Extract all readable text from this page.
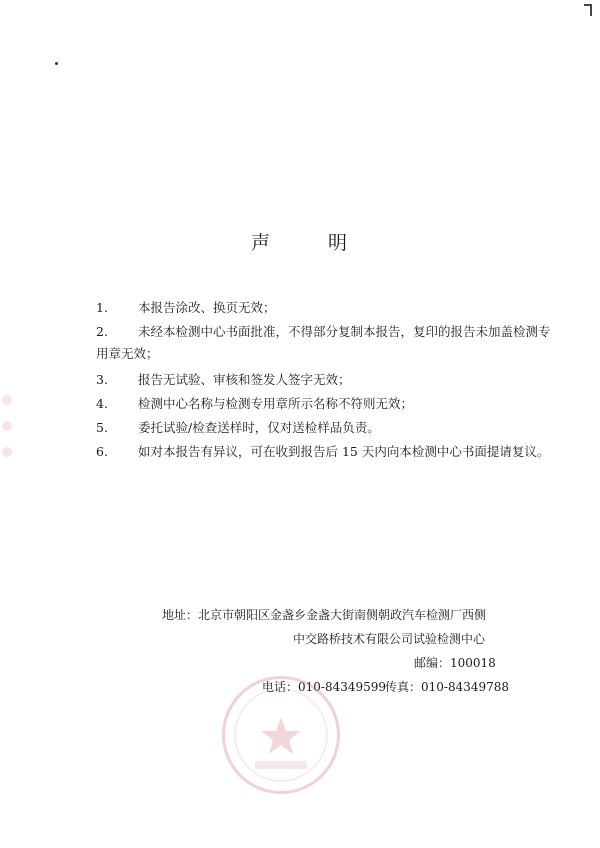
声	明
1.	本报告涂改、换页无效；
2.	未经本检测中心书面批准，不得部分复制本报告，复印的报告未加盖检测专
用章无效；
3.	报告无试验、审核和签发人签字无效；
4.	检测中心名称与检测专用章所示名称不符则无效；
5.	委托试验/检查送样时，仅对送检样品负责。
6.	如对本报告有异议，可在收到报告后 15 天内向本检测中心书面提请复议。
地址：北京市朝阳区金盏乡金盏大街南侧朝政汽车检测厂西侧
中交路桥技术有限公司试验检测中心
邮编：100018
电话：010-84349599
传真：010-84349788
